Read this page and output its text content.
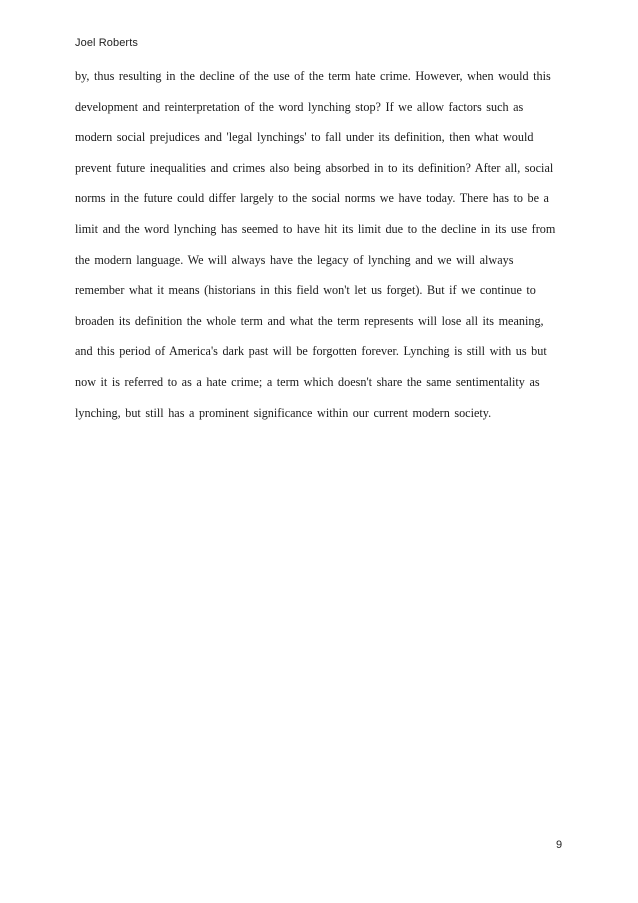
Joel Roberts
by, thus resulting in the decline of the use of the term hate crime. However, when would this
development and reinterpretation of the word lynching stop? If we allow factors such as
modern social prejudices and 'legal lynchings' to fall under its definition, then what would
prevent future inequalities and crimes also being absorbed in to its definition? After all, social
norms in the future could differ largely to the social norms we have today. There has to be a
limit and the word lynching has seemed to have hit its limit due to the decline in its use from
the modern language. We will always have the legacy of lynching and we will always
remember what it means (historians in this field won't let us forget). But if we continue to
broaden its definition the whole term and what the term represents will lose all its meaning,
and this period of America's dark past will be forgotten forever. Lynching is still with us but
now it is referred to as a hate crime; a term which doesn't share the same sentimentality as
lynching, but still has a prominent significance within our current modern society.
9
